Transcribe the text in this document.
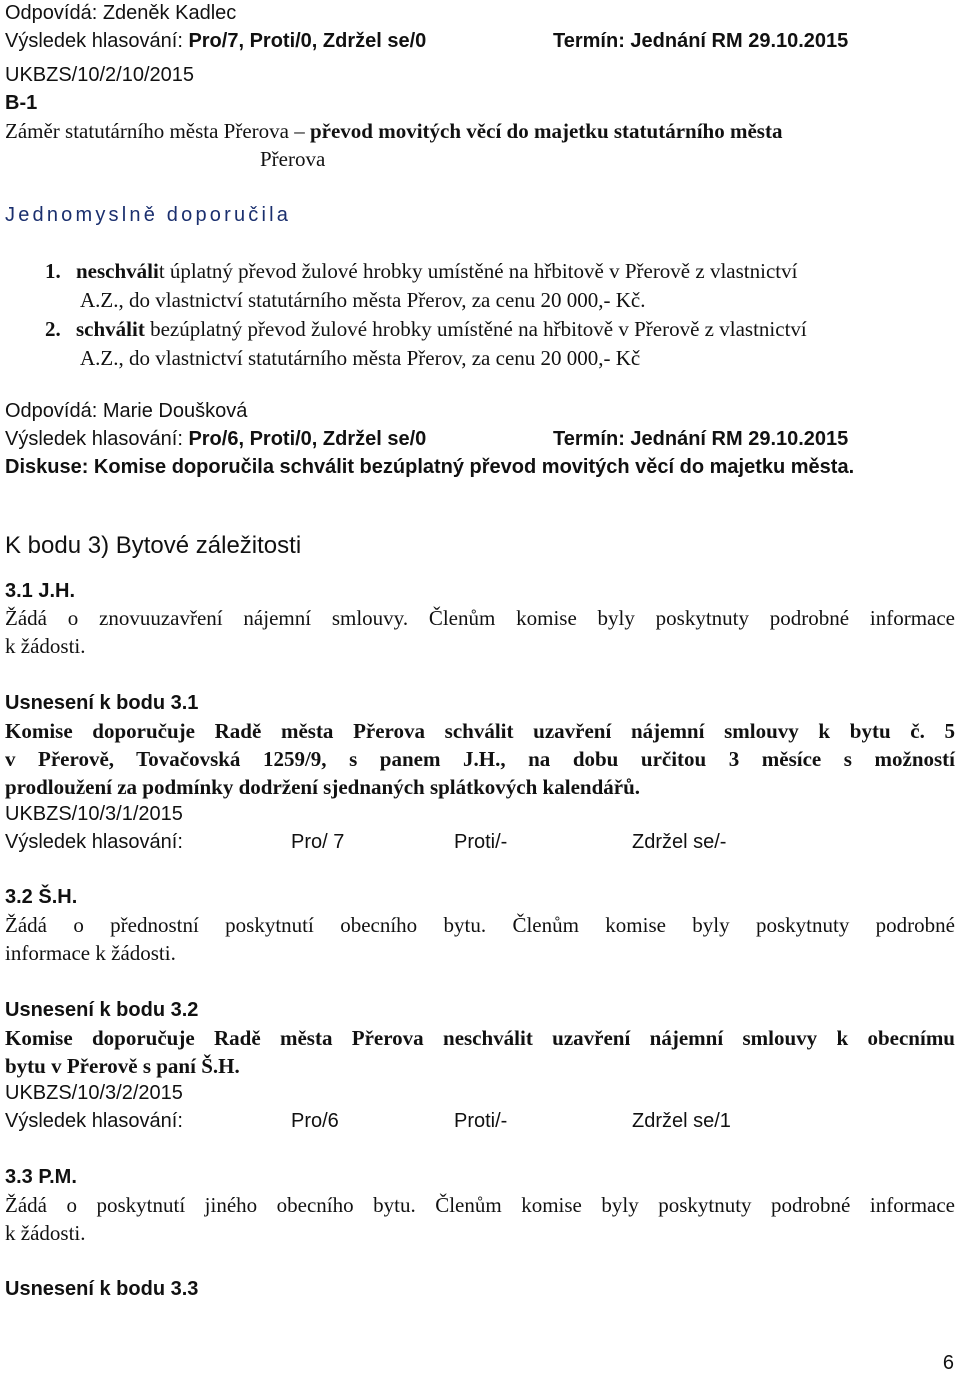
Odpovídá: Zdeněk Kadlec
Výsledek hlasování: Pro/7, Proti/0, Zdržel se/0	Termín: Jednání RM 29.10.2015
UKBZS/10/2/10/2015
B-1
Záměr statutárního města Přerova – převod movitých věcí do majetku statutárního města
Přerova
Jednomyslně doporučila
1. neschválit úplatný převod žulové hrobky umístěné na hřbitově v Přerově z vlastnictví
A.Z., do vlastnictví statutárního města Přerov, za cenu 20 000,- Kč.
2. schválit bezúplatný převod žulové hrobky umístěné na hřbitově v Přerově z vlastnictví
A.Z., do vlastnictví statutárního města Přerov, za cenu 20 000,- Kč
Odpovídá: Marie Doušková
Výsledek hlasování: Pro/6, Proti/0, Zdržel se/0	Termín: Jednání RM 29.10.2015
Diskuse: Komise doporučila schválit bezúplatný převod movitých věcí do majetku města.
K bodu 3) Bytové záležitosti
3.1 J.H.
Žádá o znovuuzavření nájemní smlouvy. Členům komise byly poskytnuty podrobné informace
k žádosti.
Usnesení k bodu 3.1
Komise doporučuje Radě města Přerova schválit uzavření nájemní smlouvy k bytu č. 5
v Přerově, Tovačovská 1259/9, s panem J.H., na dobu určitou 3 měsíce s možností
prodloužení za podmínky dodržení sjednaných splátkových kalendářů.
UKBZS/10/3/1/2015
Výsledek hlasování:	Pro/ 7	Proti/-	Zdržel se/-
3.2 Š.H.
Žádá o přednostní poskytnutí obecního bytu. Členům komise byly poskytnuty podrobné
informace k žádosti.
Usnesení k bodu 3.2
Komise doporučuje Radě města Přerova neschválit uzavření nájemní smlouvy k obecnímu
bytu v Přerově s paní Š.H.
UKBZS/10/3/2/2015
Výsledek hlasování:	Pro/6	Proti/-	Zdržel se/1
3.3 P.M.
Žádá o poskytnutí jiného obecního bytu. Členům komise byly poskytnuty podrobné informace
k žádosti.
Usnesení k bodu 3.3
6
